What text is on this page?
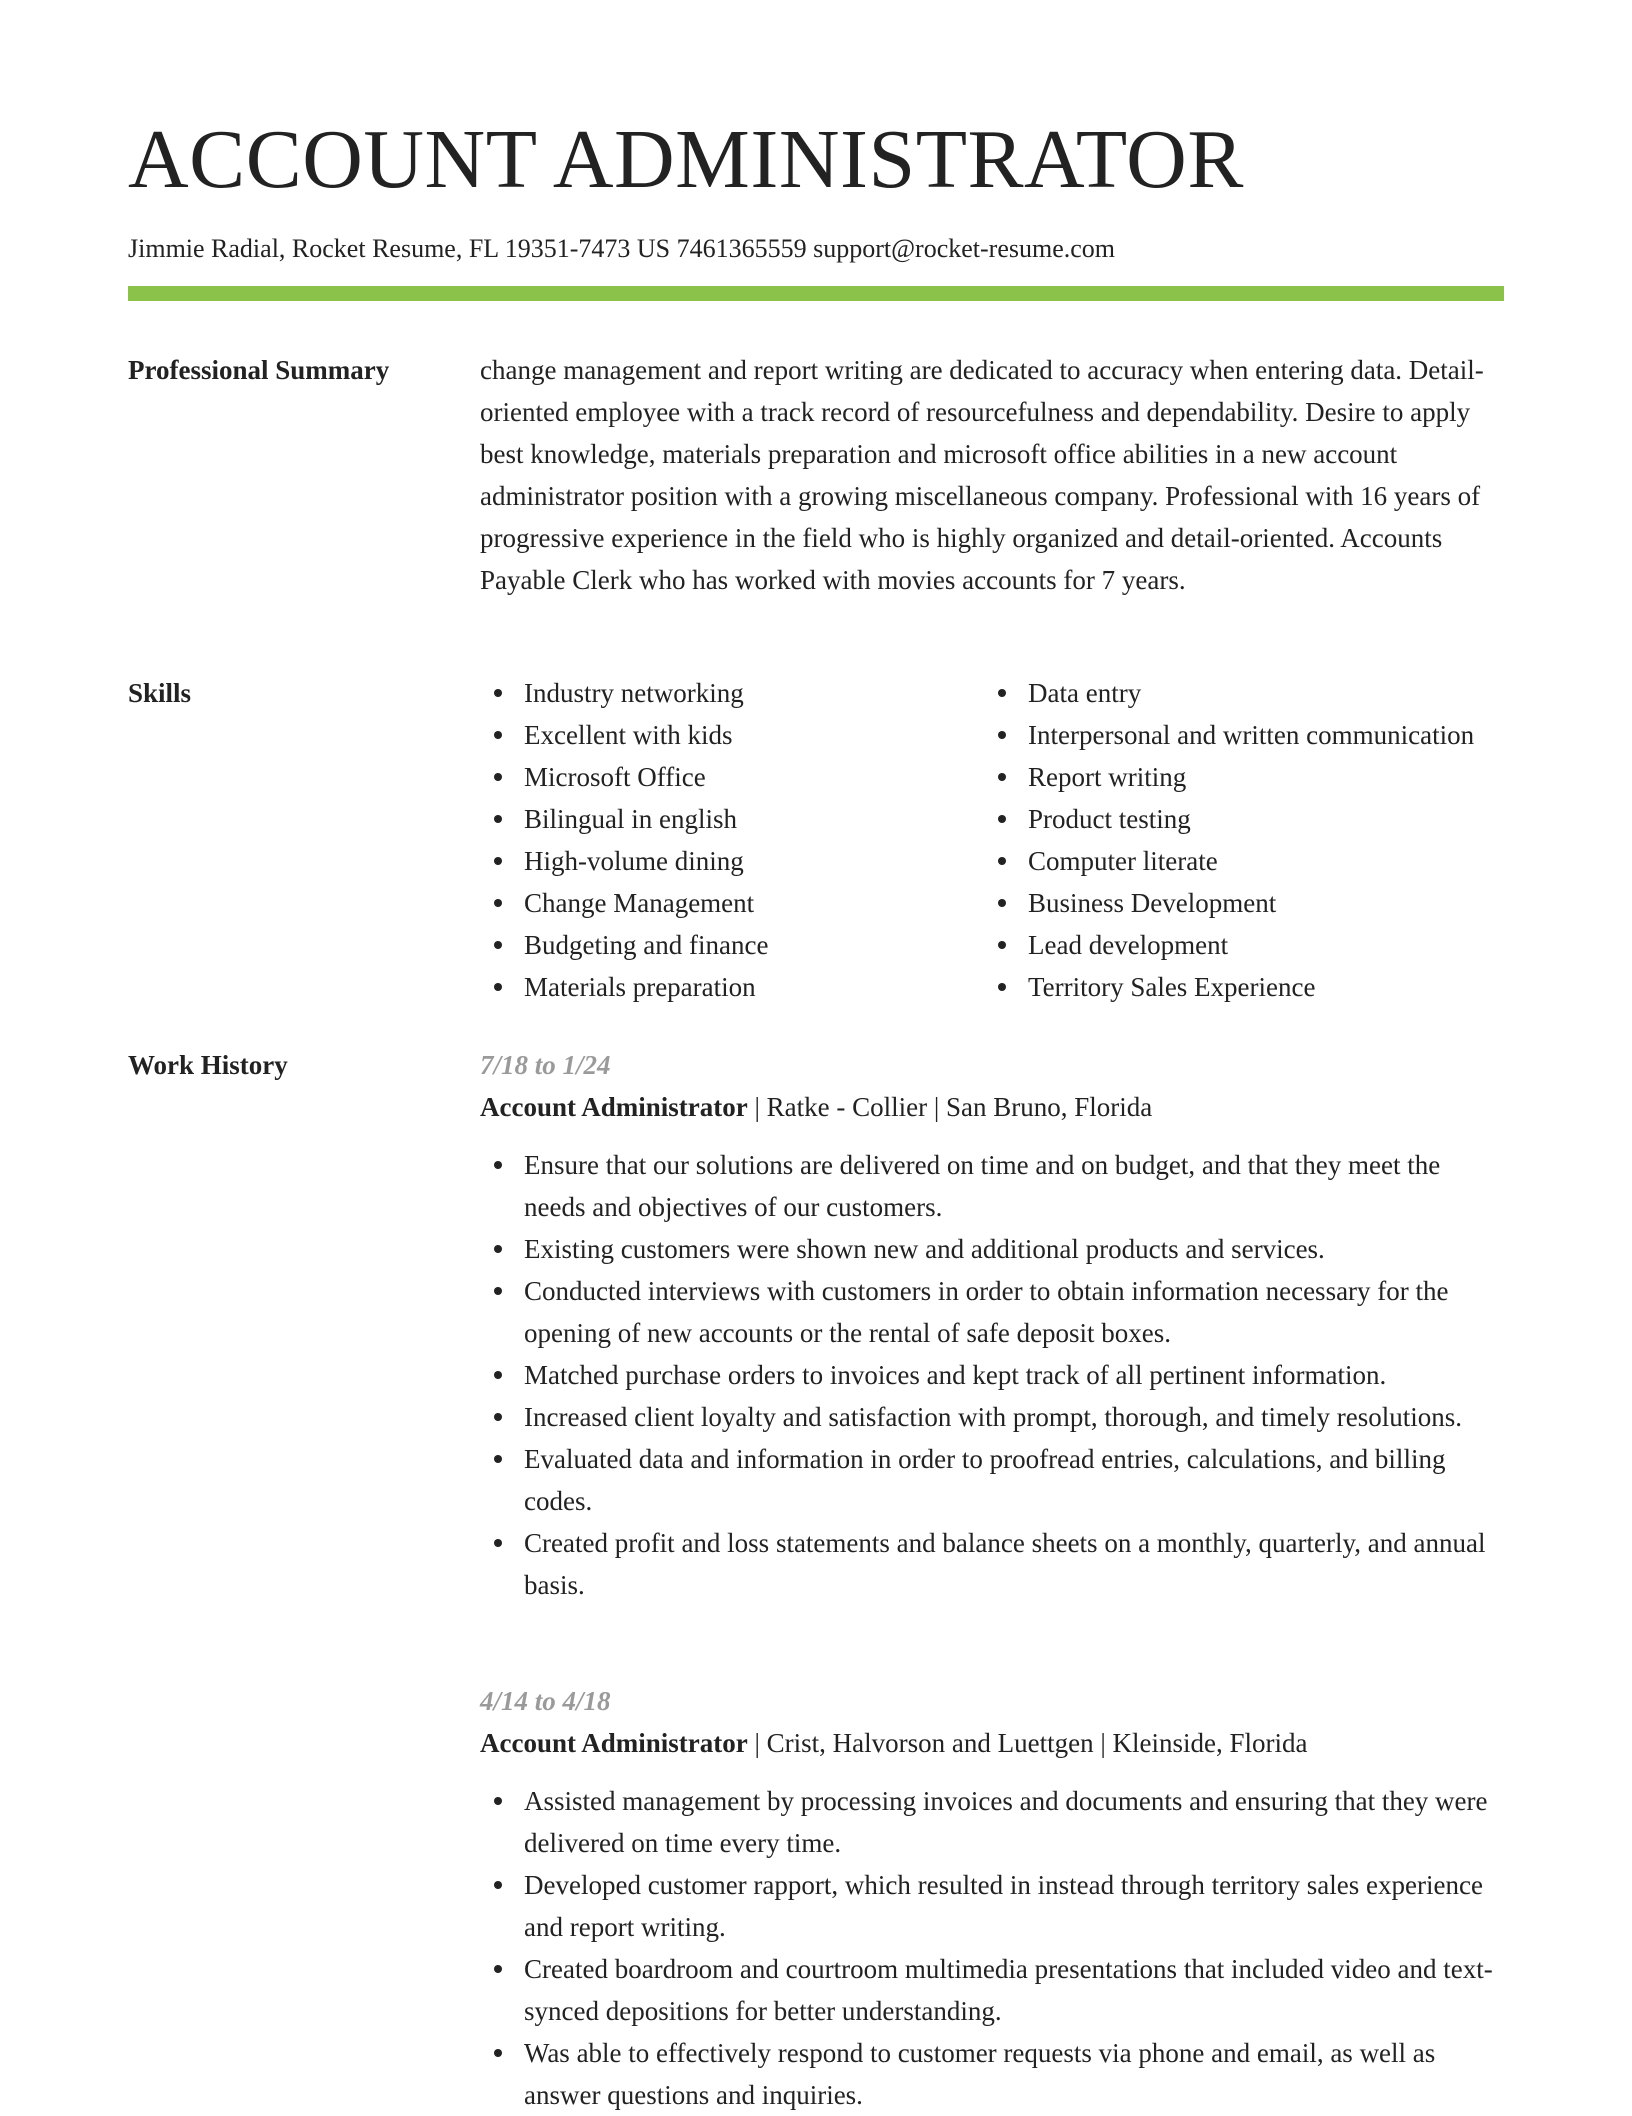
ACCOUNT ADMINISTRATOR
Jimmie Radial, Rocket Resume, FL 19351-7473 US 7461365559 support@rocket-resume.com
Professional Summary	change management and report writing are dedicated to accuracy when entering data. Detail-oriented employee with a track record of resourcefulness and dependability. Desire to apply best knowledge, materials preparation and microsoft office abilities in a new account administrator position with a growing miscellaneous company. Professional with 16 years of progressive experience in the field who is highly organized and detail-oriented. Accounts Payable Clerk who has worked with movies accounts for 7 years.

Skills	Industry networking
Excellent with kids
Microsoft Office
Bilingual in english
High-volume dining
Change Management
Budgeting and finance
Materials preparation
Data entry
Interpersonal and written communication
Report writing
Product testing
Computer literate
Business Development
Lead development
Territory Sales Experience
Work History	7/18 to 1/24
Account Administrator | Ratke - Collier | San Bruno, Florida
Ensure that our solutions are delivered on time and on budget, and that they meet the needs and objectives of our customers.
Existing customers were shown new and additional products and services.
Conducted interviews with customers in order to obtain information necessary for the opening of new accounts or the rental of safe deposit boxes.
Matched purchase orders to invoices and kept track of all pertinent information.
Increased client loyalty and satisfaction with prompt, thorough, and timely resolutions.
Evaluated data and information in order to proofread entries, calculations, and billing codes.
Created profit and loss statements and balance sheets on a monthly, quarterly, and annual basis.
4/14 to 4/18
Account Administrator | Crist, Halvorson and Luettgen | Kleinside, Florida
Assisted management by processing invoices and documents and ensuring that they were delivered on time every time.
Developed customer rapport, which resulted in instead through territory sales experience and report writing.
Created boardroom and courtroom multimedia presentations that included video and text-synced depositions for better understanding.
Was able to effectively respond to customer requests via phone and email, as well as answer questions and inquiries.
